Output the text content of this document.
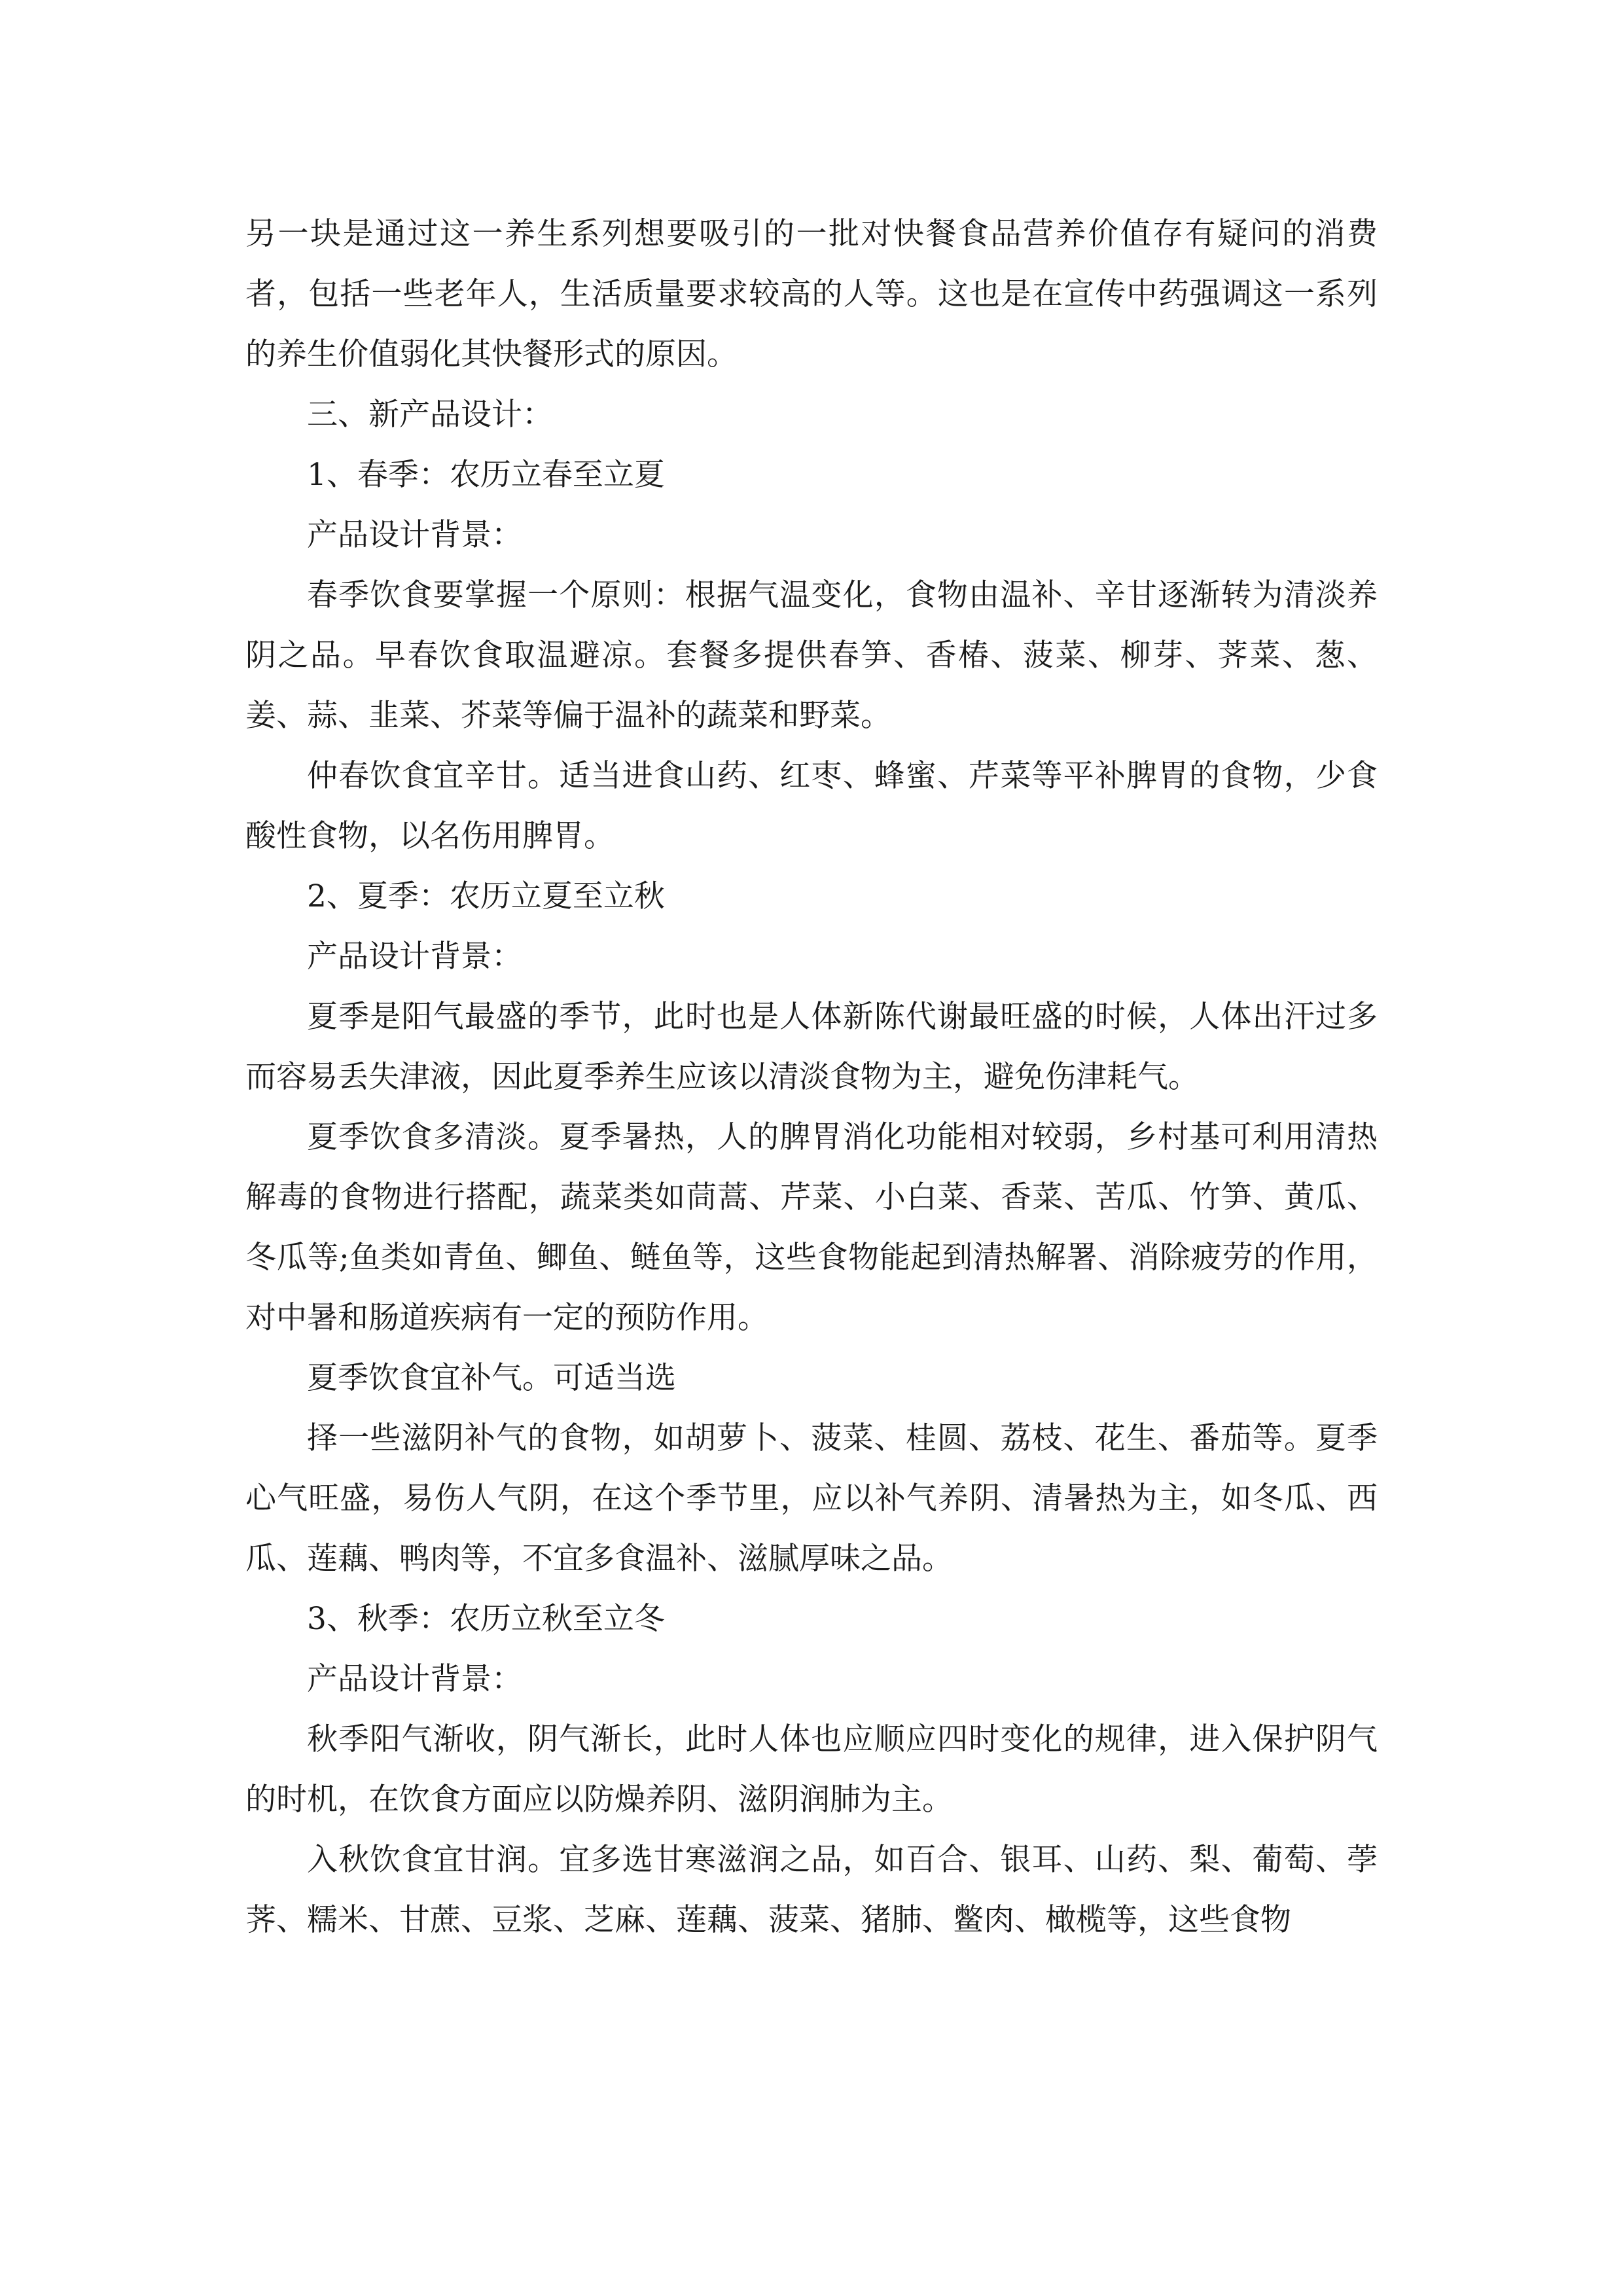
另一块是通过这一养生系列想要吸引的一批对快餐食品营养价值存有疑问的消费者，包括一些老年人，生活质量要求较高的人等。这也是在宣传中药强调这一系列的养生价值弱化其快餐形式的原因。

三、新产品设计：

1、春季：农历立春至立夏

产品设计背景：

春季饮食要掌握一个原则：根据气温变化，食物由温补、辛甘逐渐转为清淡养阴之品。早春饮食取温避凉。套餐多提供春笋、香椿、菠菜、柳芽、荠菜、葱、姜、蒜、韭菜、芥菜等偏于温补的蔬菜和野菜。

仲春饮食宜辛甘。适当进食山药、红枣、蜂蜜、芹菜等平补脾胃的食物，少食酸性食物，以名伤用脾胃。

2、夏季：农历立夏至立秋

产品设计背景：

夏季是阳气最盛的季节，此时也是人体新陈代谢最旺盛的时候，人体出汗过多而容易丢失津液，因此夏季养生应该以清淡食物为主，避免伤津耗气。

夏季饮食多清淡。夏季暑热，人的脾胃消化功能相对较弱，乡村基可利用清热解毒的食物进行搭配，蔬菜类如茼蒿、芹菜、小白菜、香菜、苦瓜、竹笋、黄瓜、冬瓜等;鱼类如青鱼、鲫鱼、鲢鱼等，这些食物能起到清热解署、消除疲劳的作用，对中暑和肠道疾病有一定的预防作用。

夏季饮食宜补气。可适当选

择一些滋阴补气的食物，如胡萝卜、菠菜、桂圆、荔枝、花生、番茄等。夏季心气旺盛，易伤人气阴，在这个季节里，应以补气养阴、清暑热为主，如冬瓜、西瓜、莲藕、鸭肉等，不宜多食温补、滋腻厚味之品。

3、秋季：农历立秋至立冬

产品设计背景：

秋季阳气渐收，阴气渐长，此时人体也应顺应四时变化的规律，进入保护阴气的时机，在饮食方面应以防燥养阴、滋阴润肺为主。

入秋饮食宜甘润。宜多选甘寒滋润之品，如百合、银耳、山药、梨、葡萄、荸荠、糯米、甘蔗、豆浆、芝麻、莲藕、菠菜、猪肺、鳖肉、橄榄等，这些食物
